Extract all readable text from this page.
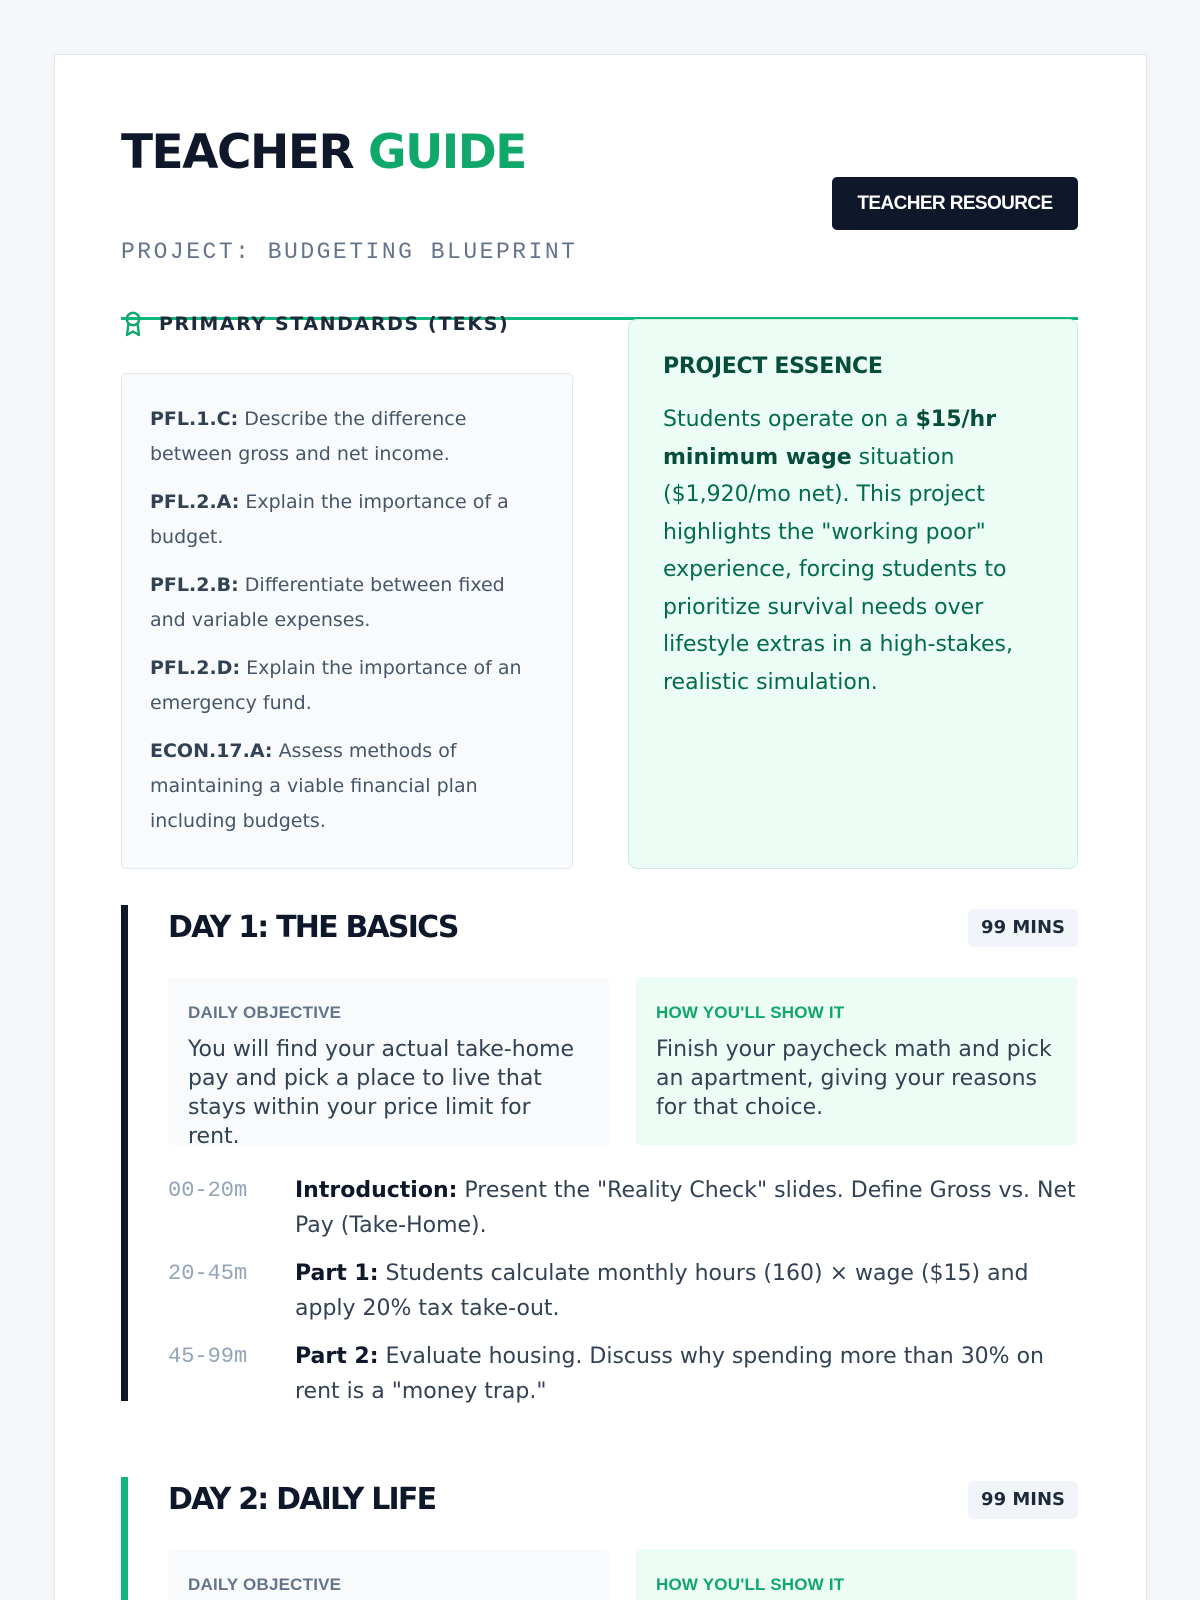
TEACHER GUIDE
PROJECT: BUDGETING BLUEPRINT
TEACHER RESOURCE
PRIMARY STANDARDS (TEKS)

PFL.1.C: Describe the difference between gross and net income.

PFL.2.A: Explain the importance of a budget.

PFL.2.B: Differentiate between fixed and variable expenses.

PFL.2.D: Explain the importance of an emergency fund.

ECON.17.A: Assess methods of maintaining a viable financial plan including budgets.

PROJECT ESSENCE

Students operate on a $15/hr minimum wage situation ($1,920/mo net). This project highlights the "working poor" experience, forcing students to prioritize survival needs over lifestyle extras in a high-stakes, realistic simulation.

DAY 1: THE BASICS	99 MINS
DAILY OBJECTIVE
You will find your actual take-home pay and pick a place to live that stays within your price limit for rent.
HOW YOU'LL SHOW IT
Finish your paycheck math and pick an apartment, giving your reasons for that choice.
00-20m	Introduction: Present the "Reality Check" slides. Define Gross vs. Net Pay (Take-Home).
20-45m	Part 1: Students calculate monthly hours (160) × wage ($15) and apply 20% tax take-out.
45-99m	Part 2: Evaluate housing. Discuss why spending more than 30% on rent is a "money trap."
DAY 2: DAILY LIFE	99 MINS
DAILY OBJECTIVE	HOW YOU'LL SHOW IT
